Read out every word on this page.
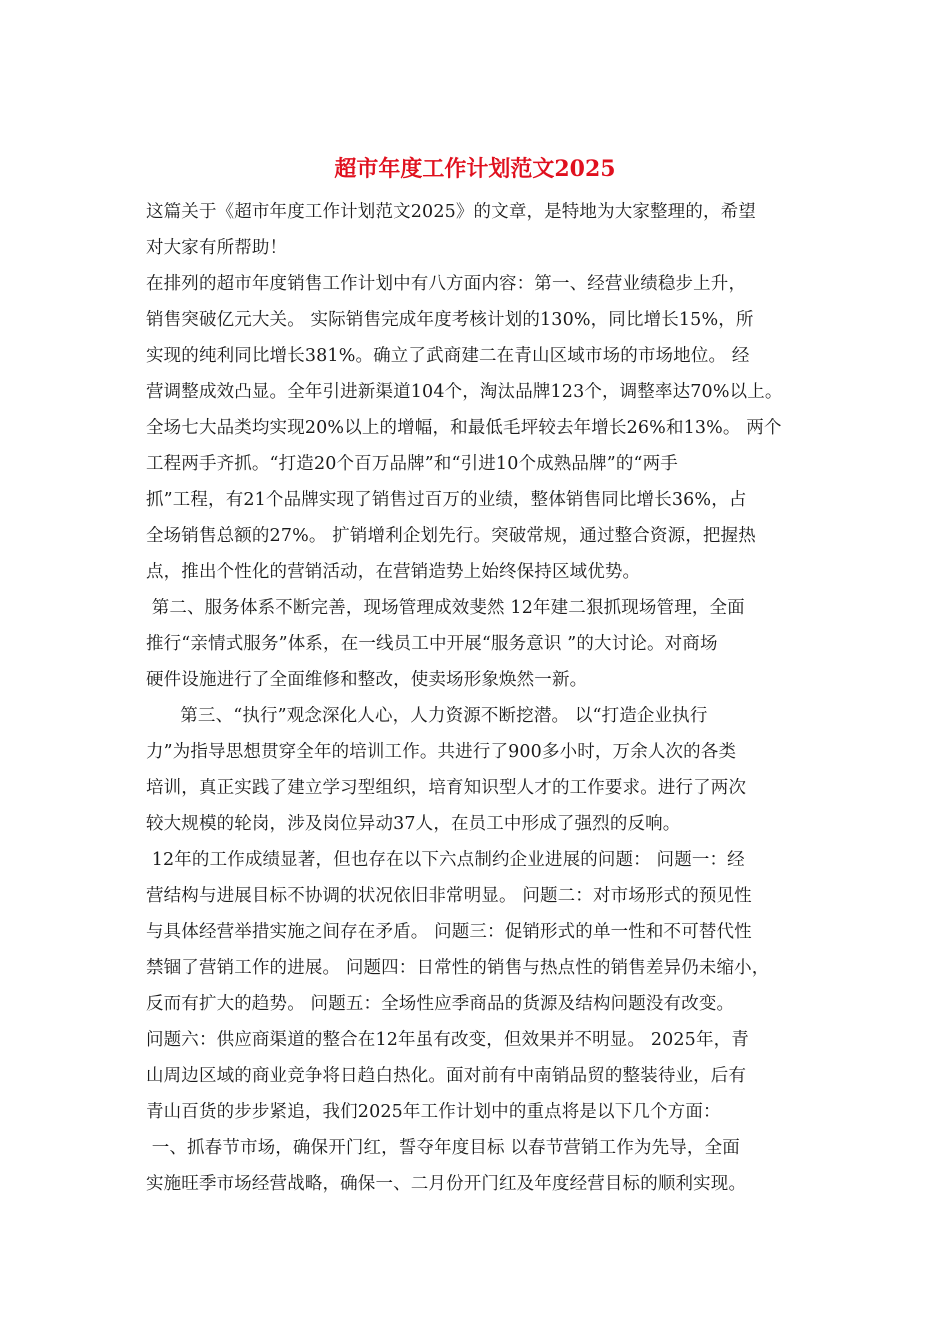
超市年度工作计划范文2025
这篇关于《超市年度工作计划范文2025》的文章，是特地为大家整理的，希望
对大家有所帮助！
在排列的超市年度销售工作计划中有八方面内容：第一、经营业绩稳步上升，
销售突破亿元大关。 实际销售完成年度考核计划的130%，同比增长15%，所
实现的纯利同比增长381%。确立了武商建二在青山区域市场的市场地位。 经
营调整成效凸显。全年引进新渠道104个，淘汰品牌123个，调整率达70%以上。
全场七大品类均实现20%以上的增幅，和最低毛坪较去年增长26%和13%。 两个
工程两手齐抓。“打造20个百万品牌”和“引进10个成熟品牌”的“两手
抓”工程，有21个品牌实现了销售过百万的业绩，整体销售同比增长36%，占
全场销售总额的27%。 扩销增利企划先行。突破常规，通过整合资源，把握热
点，推出个性化的营销活动，在营销造势上始终保持区域优势。
第二、服务体系不断完善，现场管理成效斐然 12年建二狠抓现场管理，全面
推行“亲情式服务”体系，在一线员工中开展“服务意识 ”的大讨论。对商场
硬件设施进行了全面维修和整改，使卖场形象焕然一新。
第三、“执行”观念深化人心，人力资源不断挖潜。 以“打造企业执行
力”为指导思想贯穿全年的培训工作。共进行了900多小时，万余人次的各类
培训，真正实践了建立学习型组织，培育知识型人才的工作要求。进行了两次
较大规模的轮岗，涉及岗位异动37人，在员工中形成了强烈的反响。
12年的工作成绩显著，但也存在以下六点制约企业进展的问题： 问题一：经
营结构与进展目标不协调的状况依旧非常明显。 问题二：对市场形式的预见性
与具体经营举措实施之间存在矛盾。 问题三：促销形式的单一性和不可替代性
禁锢了营销工作的进展。 问题四：日常性的销售与热点性的销售差异仍未缩小，
反而有扩大的趋势。 问题五：全场性应季商品的货源及结构问题没有改变。
问题六：供应商渠道的整合在12年虽有改变，但效果并不明显。 2025年，青
山周边区域的商业竞争将日趋白热化。面对前有中南销品贸的整装待业，后有
青山百货的步步紧追，我们2025年工作计划中的重点将是以下几个方面：
一、抓春节市场，确保开门红，誓夺年度目标 以春节营销工作为先导，全面
实施旺季市场经营战略，确保一、二月份开门红及年度经营目标的顺利实现。
